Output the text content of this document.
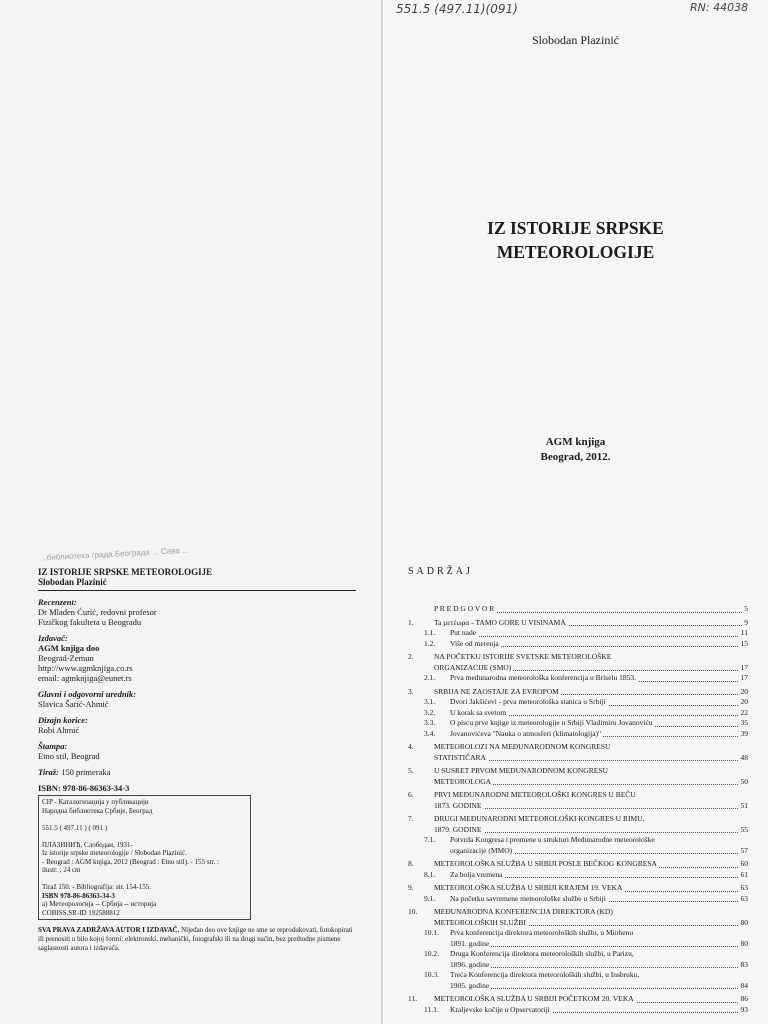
...библиотека града Београда ... Сава ...
IZ ISTORIJE SRPSKE METEOROLOGIJE
Slobodan Plazinić
Recenzent:
Dr Mladen Ćurić, redovni profesor
Fizičkog fakulteta u Beogradu
Izdavač:
AGM knjiga doo
Beograd-Zemun
http://www.agmknjiga.co.rs
email: agmknjiga@eunet.rs
Glavni i odgovorni urednik:
Slavica Šarić-Ahmić
Dizajn korice:
Robi Ahmić
Štampa:
Etno stil, Beograd
Tiraž: 150 primeraka
ISBN: 978-86-86363-34-3
CIP - Каталогизација у публикацији
Народна библиотека Србије, Београд

551.5 ( 497.11 ) ( 091 )

ПЛАЗИНИЋ, Слободан, 1931-
Iz istorije srpske meteorologije / Slobodan Plazinić.
- Beograd : AGM knjiga, 2012 (Beograd : Etno stil). - 155 str. :
ilustr. ; 24 cm

Tiraž 150. - Bibliografija: str. 154-155.
ISBN 978-86-86363-34-3
a) Метеорологија -- Србија -- историја
COBISS.SR-ID 192588812
SVA PRAVA ZADRŽAVA AUTOR I IZDAVAČ. Nijedan deo ove knjige ne sme se reprodukovati, fotokopirati ili prenositi u bilo kojoj formi: elektronski, mehanički, fotografski ili na drugi način, bez prethodne pismene saglasnosti autora i izdavača.
551.5 (497.11)(091)	RN: 44038
Slobodan Plazinić
IZ ISTORIJE SRPSKE
METEOROLOGIJE
AGM knjiga
Beograd, 2012.
SADRŽAJ
P R E D G O V O R	5
1.	Ta μετέωρα - TAMO GORE U VISINAMA	9
1.1. Put nade	11
1.2. Više od merenja	15
2.	NA POČETKU ISTORIJE SVETSKE METEOROLOŠKE
ORGANIZACIJE (SMO)	17
2.1. Prva međunarodna meteorološka konferencija u Briselu 1853.	17
3.	SRBIJA NE ZAOSTAJE ZA EVROPOM	20
3.1. Dvori Jakšićevi - prva meteorološka stanica u Srbiji	20
3.2. U korak sa svetom	22
3.3. O piscu prve knjige iz meteorologije u Srbiji Vladimiru Jovanoviću	35
3.4. Jovanovićeva "Nauka o atmosferi (klimatologija)"	39
4.	METEOROLOZI NA MEĐUNARODNOM KONGRESU
STATISTIČARA	48
5.	U SUSRET PRVOM MEĐUNARODNOM KONGRESU
METEOROLOGA	50
6.	PRVI MEĐUNARODNI METEOROLOŠKI KONGRES U BEČU
1873. GODINE	51
7.	DRUGI MEĐUNARODNI METEOROLOŠKI KONGRES U RIMU,
1879. GODINE	55
7.1. Potvrda Kongresa i promene u strukturi Međunarodne meteorološke
organizacije (MMO)	57
8.	METEOROLOŠKA SLUŽBA U SRBIJI POSLE BEČKOG KONGRESA	60
8.1. Za bolja vremena	61
9.	METEOROLOŠKA SLUŽBA U SRBIJI KRAJEM 19. VEKA	63
9.1. Na početku savremene meteorološke službe u Srbiji	63
10. MEĐUNARODNA KONFERENCIJA DIREKTORA (KD)
METEOROLOŠKIH SLUŽBI	80
10.1. Prva konferencija direktora meteoroloških službi, u Minhenu
1891. godine	80
10.2. Druga Konferencija direktora meteoroloških službi, u Parizu,
1896. godine	83
10.3. Treća Konferencija direktora meteoroloških službi, u Insbruku,
1905. godine	84
11. METEOROLOŠKA SLUŽBA U SRBIJI POČETKOM 20. VEKA	86
11.1. Kraljevske kočije u Opservatoriji	93
